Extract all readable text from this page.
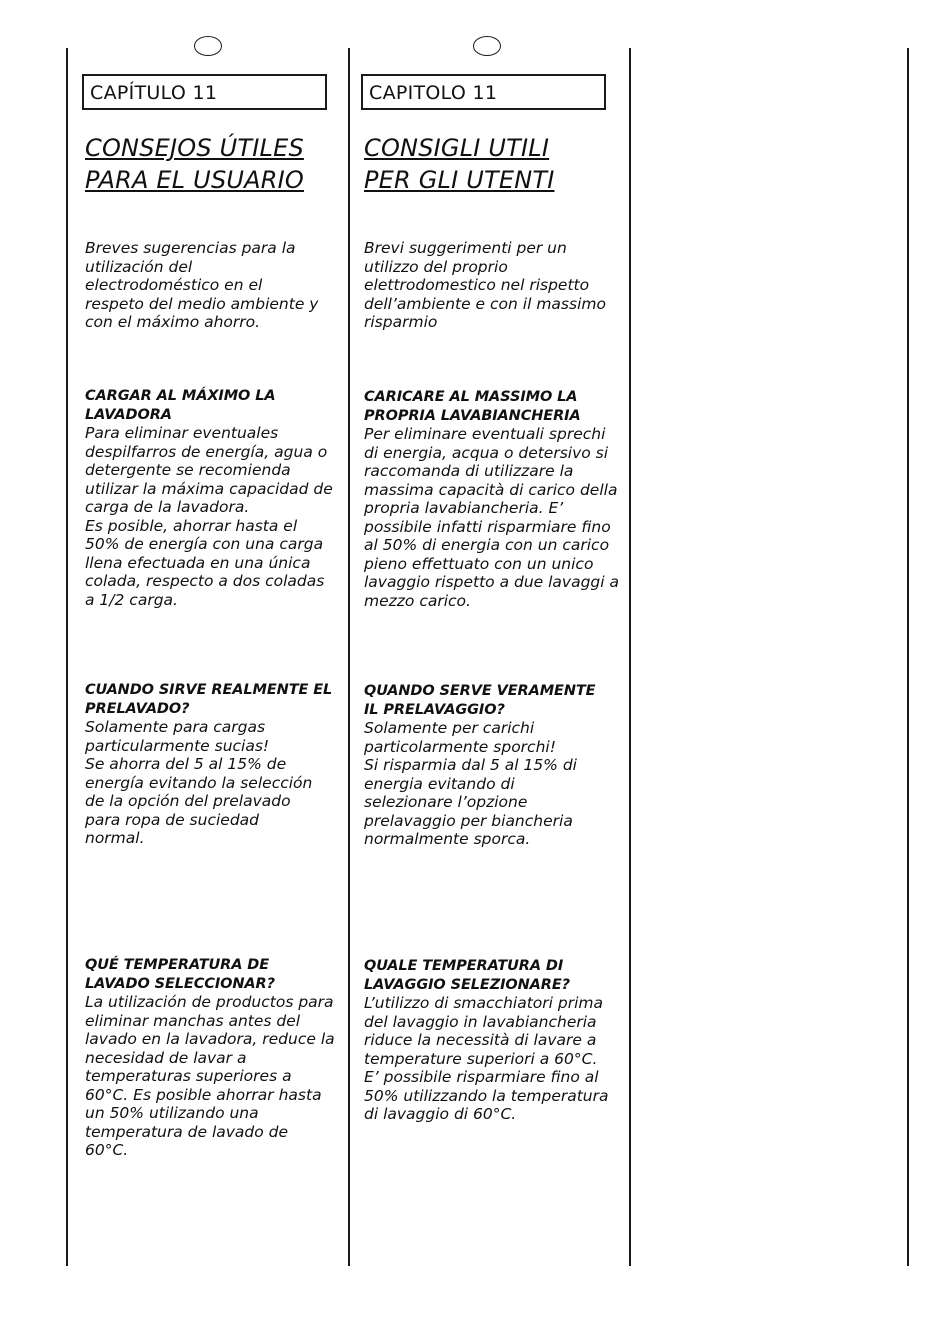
CAPÍTULO 11
CONSEJOS ÚTILES
PARA EL USUARIO

Breves sugerencias para la utilización del electrodoméstico en el respeto del medio ambiente y con el máximo ahorro.

CARGAR AL MÁXIMO LA LAVADORA

Para eliminar eventuales despilfarros de energía, agua o detergente se recomienda utilizar la máxima capacidad de carga de la lavadora.
Es posible, ahorrar hasta el 50% de energía con una carga llena efectuada en una única colada, respecto a dos coladas a 1/2 carga.

CUANDO SIRVE REALMENTE EL PRELAVADO?

Solamente para cargas particularmente sucias!
Se ahorra del 5 al 15% de energía evitando la selección de la opción del prelavado para ropa de suciedad normal.

QUÉ TEMPERATURA DE LAVADO SELECCIONAR?

La utilización de productos para eliminar manchas antes del lavado en la lavadora, reduce la necesidad de lavar a temperaturas superiores a 60°C. Es posible ahorrar hasta un 50% utilizando una temperatura de lavado de 60°C.
CAPITOLO 11
CONSIGLI UTILI
PER GLI UTENTI

Brevi suggerimenti per un utilizzo del proprio elettrodomestico nel rispetto dell’ambiente e con il massimo risparmio

CARICARE AL MASSIMO LA PROPRIA LAVABIANCHERIA

Per eliminare eventuali sprechi di energia, acqua o detersivo si raccomanda di utilizzare la massima capacità di carico della propria lavabiancheria. E’ possibile infatti risparmiare fino al 50% di energia con un carico pieno effettuato con un unico lavaggio rispetto a due lavaggi a mezzo carico.

QUANDO SERVE VERAMENTE IL PRELAVAGGIO?

Solamente per carichi particolarmente sporchi!
Si risparmia dal 5 al 15% di energia evitando di selezionare l’opzione prelavaggio per biancheria normalmente sporca.

QUALE TEMPERATURA DI LAVAGGIO SELEZIONARE?

L’utilizzo di smacchiatori prima del lavaggio in lavabiancheria riduce la necessità di lavare a temperature superiori a 60°C. E’ possibile risparmiare fino al 50% utilizzando la temperatura di lavaggio di 60°C.
